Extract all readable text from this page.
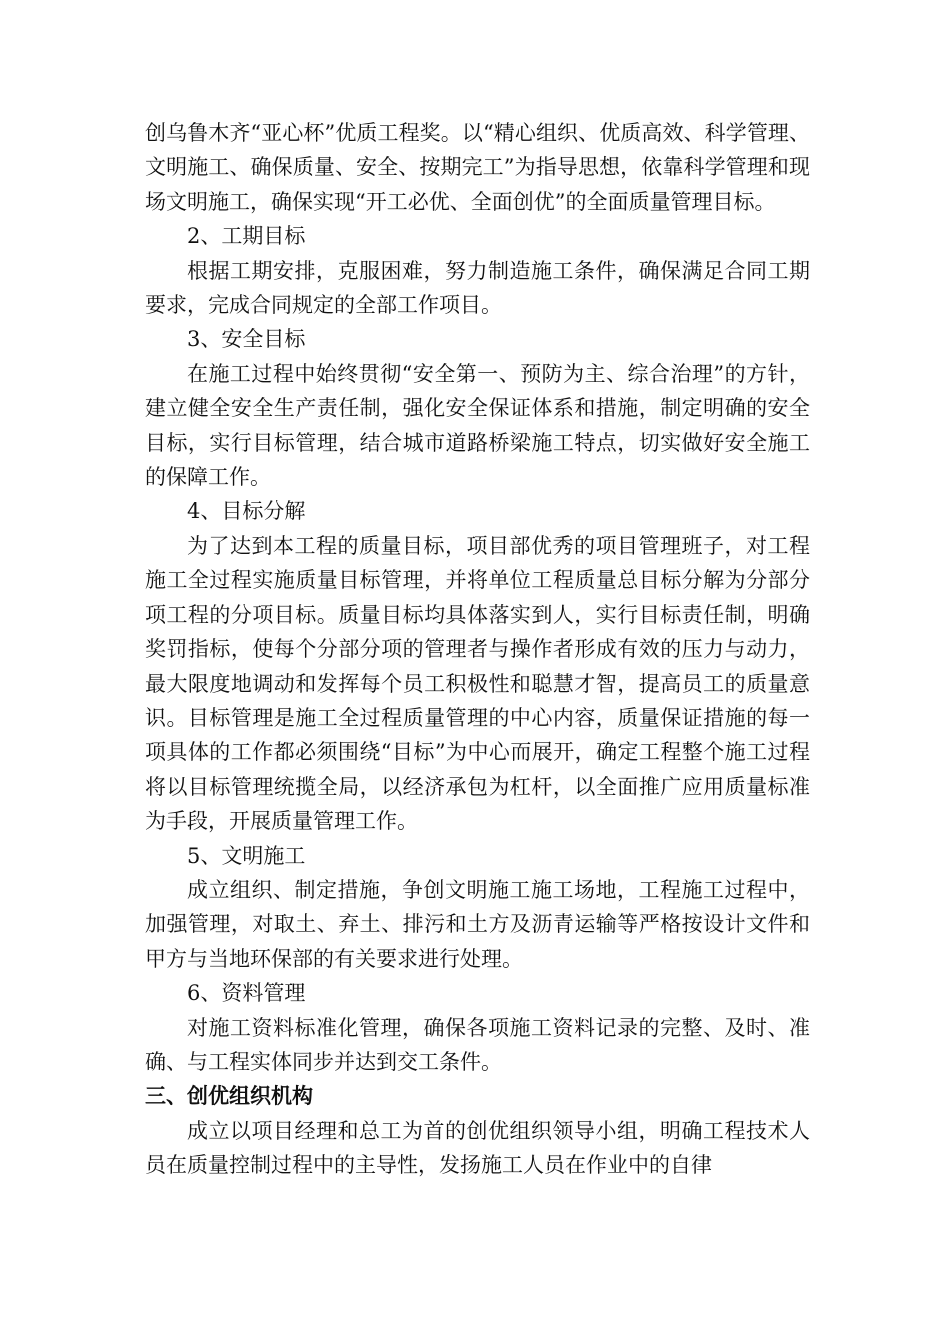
创乌鲁木齐“亚心杯”优质工程奖。以“精心组织、优质高效、科学管理、文明施工、确保质量、安全、按期完工”为指导思想，依靠科学管理和现场文明施工，确保实现“开工必优、全面创优”的全面质量管理目标。

2、工期目标

根据工期安排，克服困难，努力制造施工条件，确保满足合同工期要求，完成合同规定的全部工作项目。

3、安全目标

在施工过程中始终贯彻“安全第一、预防为主、综合治理”的方针，建立健全安全生产责任制，强化安全保证体系和措施，制定明确的安全目标，实行目标管理，结合城市道路桥梁施工特点，切实做好安全施工的保障工作。

4、目标分解

为了达到本工程的质量目标，项目部优秀的项目管理班子，对工程施工全过程实施质量目标管理，并将单位工程质量总目标分解为分部分项工程的分项目标。质量目标均具体落实到人，实行目标责任制，明确奖罚指标，使每个分部分项的管理者与操作者形成有效的压力与动力，最大限度地调动和发挥每个员工积极性和聪慧才智，提高员工的质量意识。目标管理是施工全过程质量管理的中心内容，质量保证措施的每一项具体的工作都必须围绕“目标”为中心而展开，确定工程整个施工过程将以目标管理统揽全局，以经济承包为杠杆，以全面推广应用质量标准为手段，开展质量管理工作。

5、文明施工

成立组织、制定措施，争创文明施工施工场地，工程施工过程中，加强管理，对取土、弃土、排污和土方及沥青运输等严格按设计文件和甲方与当地环保部的有关要求进行处理。

6、资料管理

对施工资料标准化管理，确保各项施工资料记录的完整、及时、准确、与工程实体同步并达到交工条件。

三、创优组织机构

成立以项目经理和总工为首的创优组织领导小组，明确工程技术人员在质量控制过程中的主导性，发扬施工人员在作业中的自律
